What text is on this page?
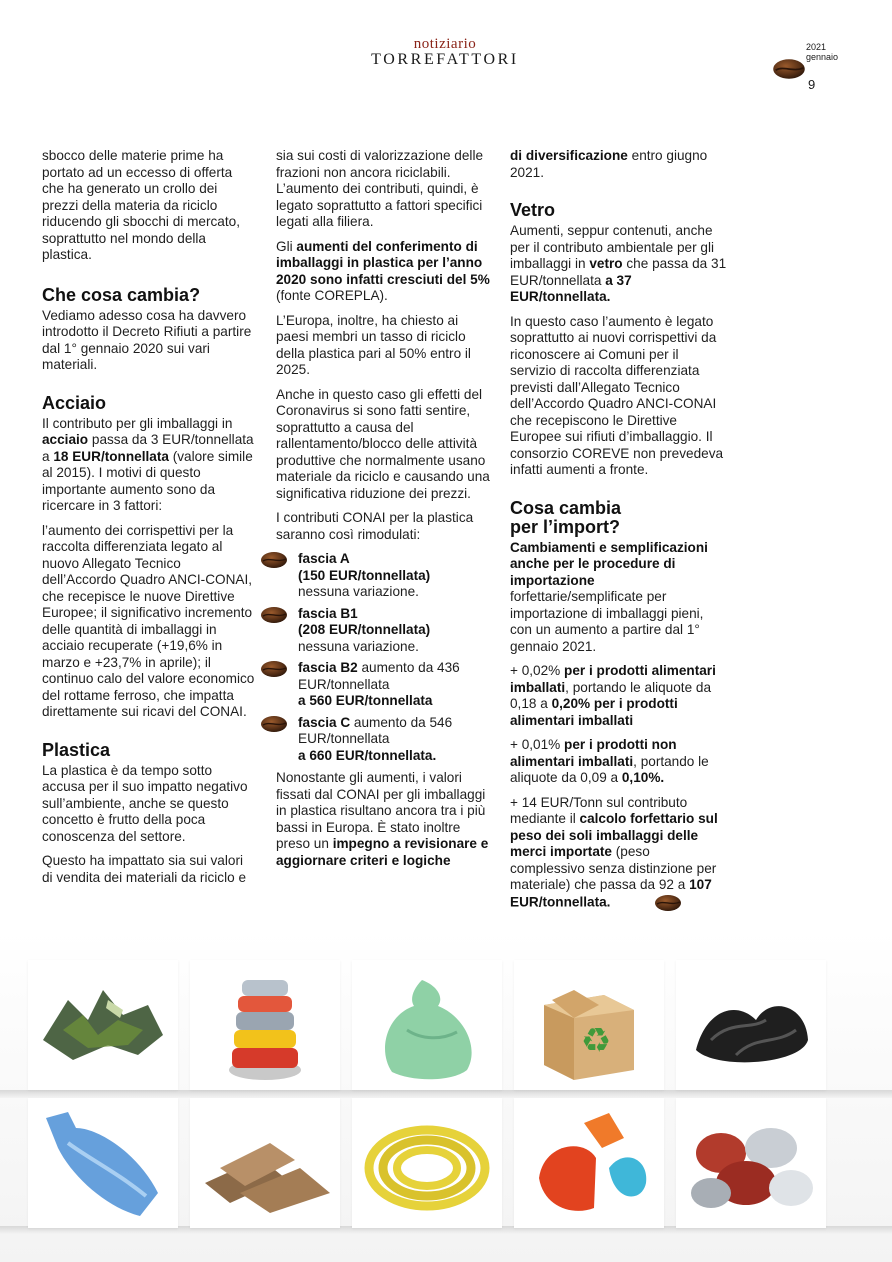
notiziario
TORREFATTORI
2021
gennaio
9

sbocco delle materie prime ha portato ad un eccesso di offerta che ha generato un crollo dei prezzi della materia da riciclo riducendo gli sbocchi di mercato, soprattutto nel mondo della plastica.

Che cosa cambia?

Vediamo adesso cosa ha davvero introdotto il Decreto Rifiuti a partire dal 1° gennaio 2020 sui vari materiali.

Acciaio

Il contributo per gli imballaggi in acciaio passa da 3 EUR/tonnellata a 18 EUR/tonnellata (valore simile al 2015). I motivi di questo importante aumento sono da ricercare in 3 fattori:

l’aumento dei corrispettivi per la raccolta differenziata legato al nuovo Allegato Tecnico dell’Accordo Quadro ANCI-CONAI, che recepisce le nuove Direttive Europee; il significativo incremento delle quantità di imballaggi in acciaio recuperate (+19,6% in marzo e +23,7% in aprile); il continuo calo del valore economico del rottame ferroso, che impatta direttamente sui ricavi del CONAI.

Plastica

La plastica è da tempo sotto accusa per il suo impatto negativo sull’ambiente, anche se questo concetto è frutto della poca conoscenza del settore.

Questo ha impattato sia sui valori di vendita dei materiali da riciclo e

sia sui costi di valorizzazione delle frazioni non ancora riciclabili. L’aumento dei contributi, quindi, è legato soprattutto a fattori specifici legati alla filiera.

Gli aumenti del conferimento di imballaggi in plastica per l’anno 2020 sono infatti cresciuti del 5% (fonte COREPLA).

L’Europa, inoltre, ha chiesto ai paesi membri un tasso di riciclo della plastica pari al 50% entro il 2025.

Anche in questo caso gli effetti del Coronavirus si sono fatti sentire, soprattutto a causa del rallentamento/blocco delle attività produttive che normalmente usano materiale da riciclo e causando una significativa riduzione dei prezzi.

I contributi CONAI per la plastica saranno così rimodulati:

fascia A
(150 EUR/tonnellata)
nessuna variazione.
fascia B1
(208 EUR/tonnellata)
nessuna variazione.
fascia B2 aumento da 436 EUR/tonnellata
a 560 EUR/tonnellata
fascia C aumento da 546 EUR/tonnellata
a 660 EUR/tonnellata.

Nonostante gli aumenti, i valori fissati dal CONAI per gli imballaggi in plastica risultano ancora tra i più bassi in Europa. È stato inoltre preso un impegno a revisionare e aggiornare criteri e logiche

di diversificazione entro giugno 2021.

Vetro

Aumenti, seppur contenuti, anche per il contributo ambientale per gli imballaggi in vetro che passa da 31 EUR/tonnellata a 37 EUR/tonnellata.

In questo caso l’aumento è legato soprattutto ai nuovi corrispettivi da riconoscere ai Comuni per il servizio di raccolta differenziata previsti dall’Allegato Tecnico dell’Accordo Quadro ANCI-CONAI che recepiscono le Direttive Europee sui rifiuti d’imballaggio. Il consorzio COREVE non prevedeva infatti aumenti a fronte.

Cosa cambia
per l’import?

Cambiamenti e semplificazioni anche per le procedure di importazione forfettarie/semplificate per importazione di imballaggi pieni, con un aumento a partire dal 1° gennaio 2021.

+ 0,02% per i prodotti alimentari imballati, portando le aliquote da 0,18 a 0,20% per i prodotti alimentari imballati

+ 0,01% per i prodotti non alimentari imballati, portando le aliquote da 0,09 a 0,10%.

+ 14 EUR/Tonn sul contributo mediante il calcolo forfettario sul peso dei soli imballaggi delle merci importate (peso complessivo senza distinzione per materiale) che passa da 92 a 107 EUR/tonnellata.

♻
